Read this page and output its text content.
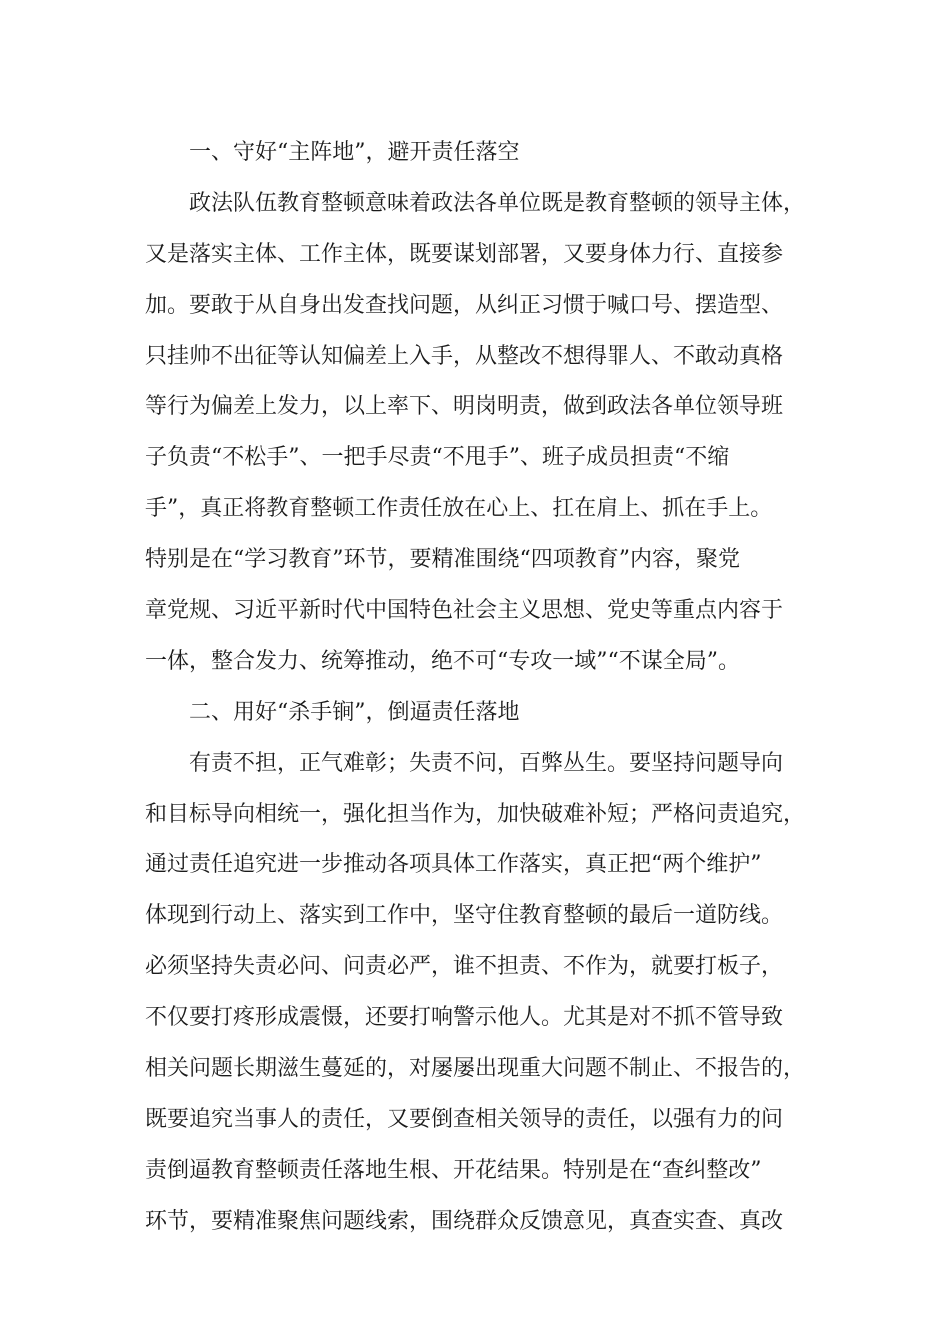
一、守好“主阵地”，避开责任落空
政法队伍教育整顿意味着政法各单位既是教育整顿的领导主体，
又是落实主体、工作主体，既要谋划部署，又要身体力行、直接参
加。要敢于从自身出发查找问题，从纠正习惯于喊口号、摆造型、
只挂帅不出征等认知偏差上入手，从整改不想得罪人、不敢动真格
等行为偏差上发力，以上率下、明岗明责，做到政法各单位领导班
子负责“不松手”、一把手尽责“不甩手”、班子成员担责“不缩
手”，真正将教育整顿工作责任放在心上、扛在肩上、抓在手上。
特别是在“学习教育”环节，要精准围绕“四项教育”内容，聚党
章党规、习近平新时代中国特色社会主义思想、党史等重点内容于
一体，整合发力、统筹推动，绝不可“专攻一域”“不谋全局”。
二、用好“杀手锏”，倒逼责任落地
有责不担，正气难彰；失责不问，百弊丛生。要坚持问题导向
和目标导向相统一，强化担当作为，加快破难补短；严格问责追究，
通过责任追究进一步推动各项具体工作落实，真正把“两个维护”
体现到行动上、落实到工作中，坚守住教育整顿的最后一道防线。
必须坚持失责必问、问责必严，谁不担责、不作为，就要打板子，
不仅要打疼形成震慑，还要打响警示他人。尤其是对不抓不管导致
相关问题长期滋生蔓延的，对屡屡出现重大问题不制止、不报告的，
既要追究当事人的责任，又要倒查相关领导的责任，以强有力的问
责倒逼教育整顿责任落地生根、开花结果。特别是在“查纠整改”
环节，要精准聚焦问题线索，围绕群众反馈意见，真查实查、真改
